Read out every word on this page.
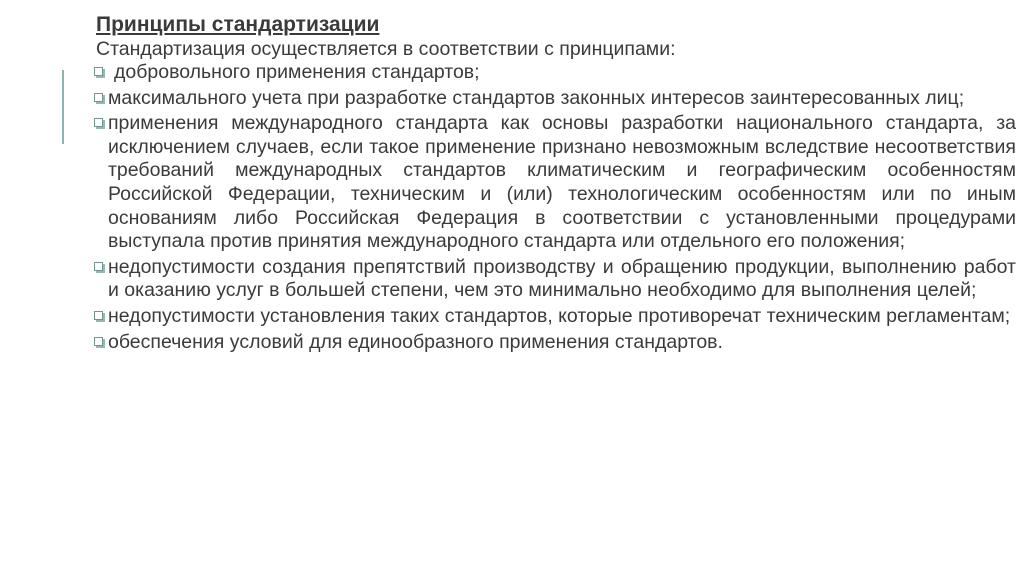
Принципы стандартизации
Стандартизация осуществляется в соответствии с принципами:
добровольного применения стандартов;
максимального учета при разработке стандартов законных интересов заинтересованных лиц;
применения международного стандарта как основы разработки национального стандарта, за исключением случаев, если такое применение признано невозможным вследствие несоответствия требований международных стандартов климатическим и географическим особенностям Российской Федерации, техническим и (или) технологическим особенностям или по иным основаниям либо Российская Федерация в соответствии с установленными процедурами выступала против принятия международного стандарта или отдельного его положения;
недопустимости создания препятствий производству и обращению продукции, выполнению работ и оказанию услуг в большей степени, чем это минимально необходимо для выполнения целей;
недопустимости установления таких стандартов, которые противоречат техническим регламентам;
обеспечения условий для единообразного применения стандартов.
